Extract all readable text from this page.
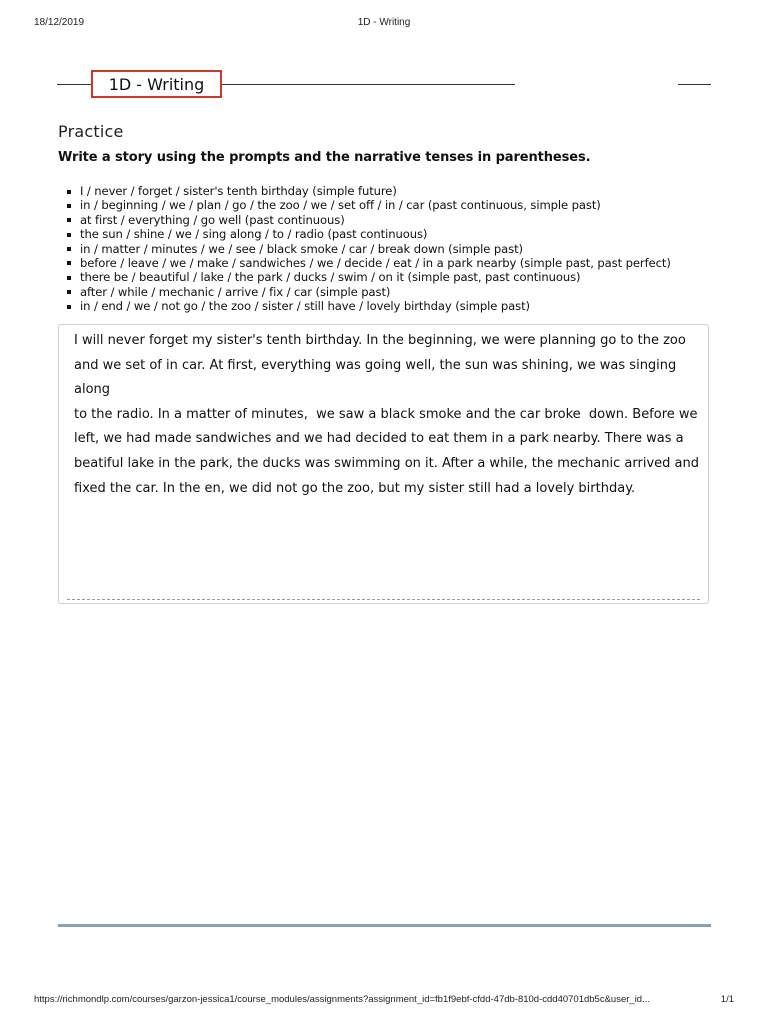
18/12/2019	1D - Writing
1D - Writing
Practice
Write a story using the prompts and the narrative tenses in parentheses.
I / never / forget / sister's tenth birthday (simple future)
in / beginning / we / plan / go / the zoo / we / set off / in / car (past continuous, simple past)
at first / everything / go well (past continuous)
the sun / shine / we / sing along / to / radio (past continuous)
in / matter / minutes / we / see / black smoke / car / break down (simple past)
before / leave / we / make / sandwiches / we / decide / eat / in a park nearby (simple past, past perfect)
there be / beautiful / lake / the park / ducks / swim / on it (simple past, past continuous)
after / while / mechanic / arrive / fix / car (simple past)
in / end / we / not go / the zoo / sister / still have / lovely birthday (simple past)
I will never forget my sister's tenth birthday. In the beginning, we were planning go to the zoo
and we set of in car. At first, everything was going well, the sun was shining, we was singing along
to the radio. In a matter of minutes,  we saw a black smoke and the car broke  down. Before we
left, we had made sandwiches and we had decided to eat them in a park nearby. There was a
beatiful lake in the park, the ducks was swimming on it. After a while, the mechanic arrived and
fixed the car. In the en, we did not go the zoo, but my sister still had a lovely birthday.
https://richmondlp.com/courses/garzon-jessica1/course_modules/assignments?assignment_id=fb1f9ebf-cfdd-47db-810d-cdd40701db5c&user_id...	1/1
